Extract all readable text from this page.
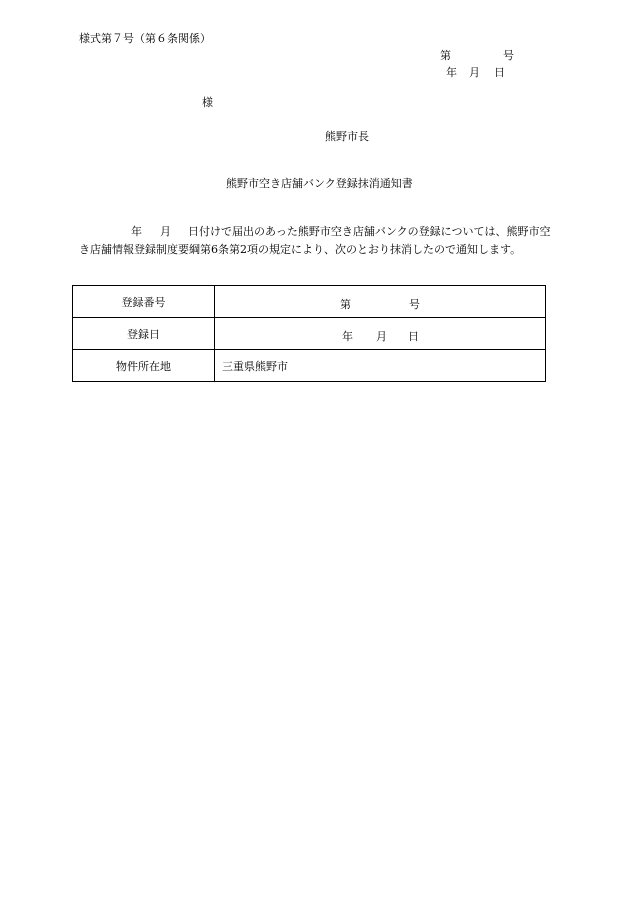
様式第７号（第６条関係）
第	号
年 月 日
様
熊野市長
熊野市空き店舗バンク登録抹消通知書
年 月 日付けで届出のあった熊野市空き店舗バンクの登録については、熊野市空き店舗情報登録制度要綱第6条第2項の規定により、次のとおり抹消したので通知します。
登録番号	第 号

登録日	年 月 日

物件所在地	三重県熊野市
